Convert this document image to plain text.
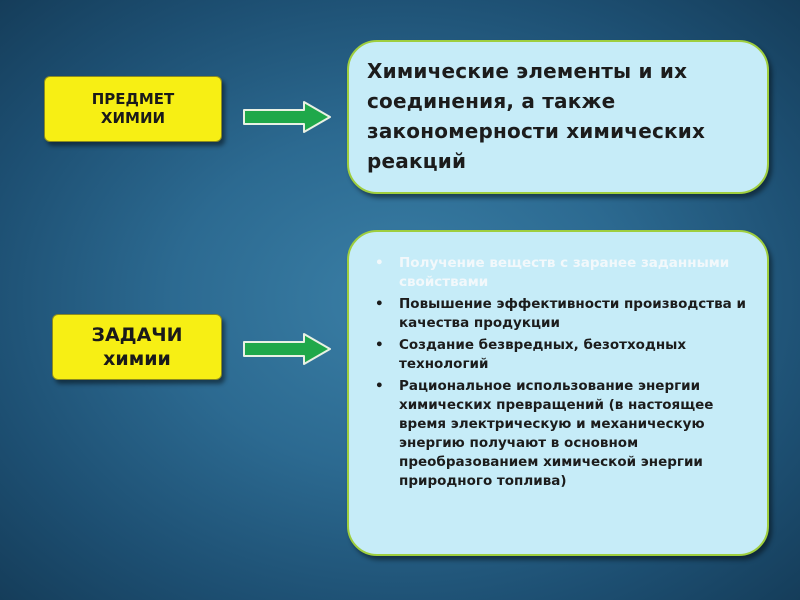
ПРЕДМЕТ
ХИМИИ
Химические элементы и их соединения, а также закономерности химических реакций
ЗАДАЧИ
химии
• Получение веществ с заранее заданными свойствами
• Повышение эффективности производства и качества продукции
• Создание безвредных, безотходных технологий
• Рациональное использование энергии химических превращений (в настоящее время электрическую и механическую энергию получают в основном преобразованием химической энергии природного топлива)
